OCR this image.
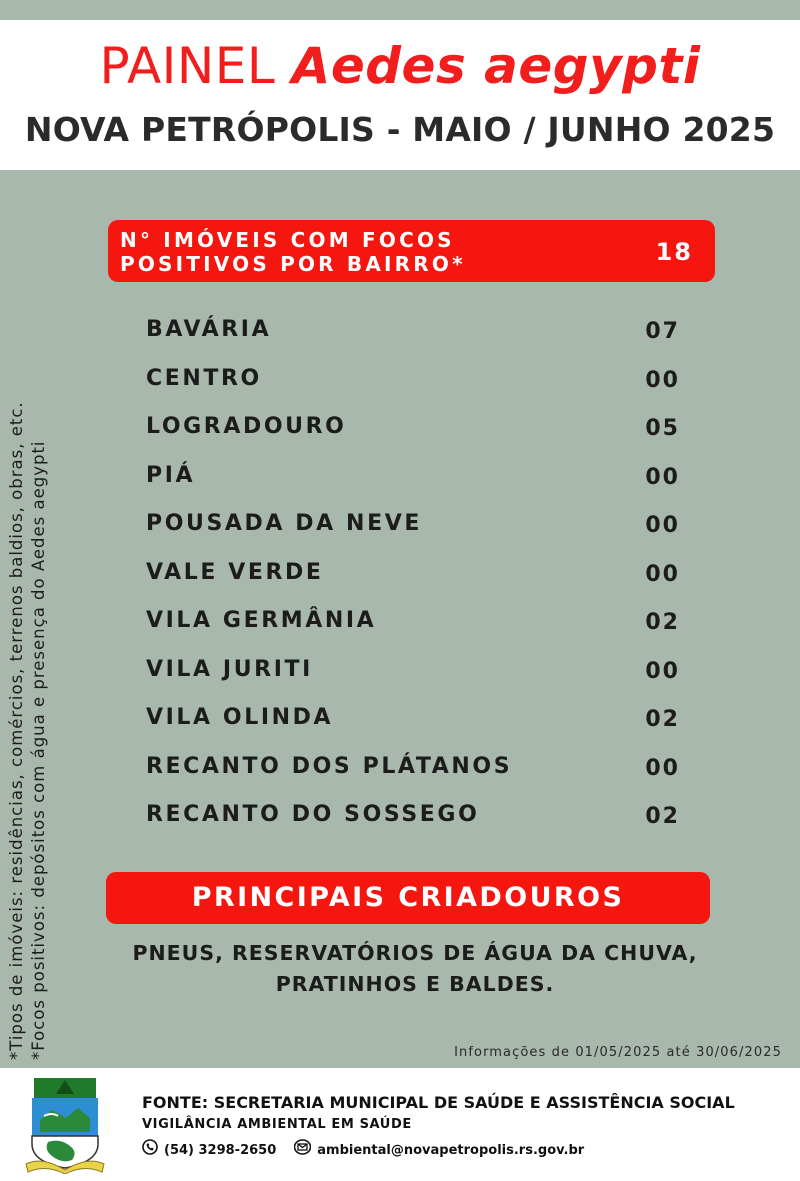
PAINEL Aedes aegypti
NOVA PETRÓPOLIS - MAIO / JUNHO 2025
*Tipos de imóveis: residências, comércios, terrenos baldios, obras, etc. *Focos positivos: depósitos com água e presença do Aedes aegypti
N° IMÓVEIS COM FOCOS
POSITIVOS POR BAIRRO*	18
BAVÁRIA	07
CENTRO	00
LOGRADOURO	05
PIÁ	00
POUSADA DA NEVE	00
VALE VERDE	00
VILA GERMÂNIA	02
VILA JURITI	00
VILA OLINDA	02
RECANTO DOS PLÁTANOS	00
RECANTO DO SOSSEGO	02
PRINCIPAIS CRIADOUROS
PNEUS, RESERVATÓRIOS DE ÁGUA DA CHUVA,
PRATINHOS E BALDES.
Informações de 01/05/2025 até 30/06/2025
FONTE: SECRETARIA MUNICIPAL DE SAÚDE E ASSISTÊNCIA SOCIAL
VIGILÂNCIA AMBIENTAL EM SAÚDE
(54) 3298-2650	ambiental@novapetropolis.rs.gov.br
